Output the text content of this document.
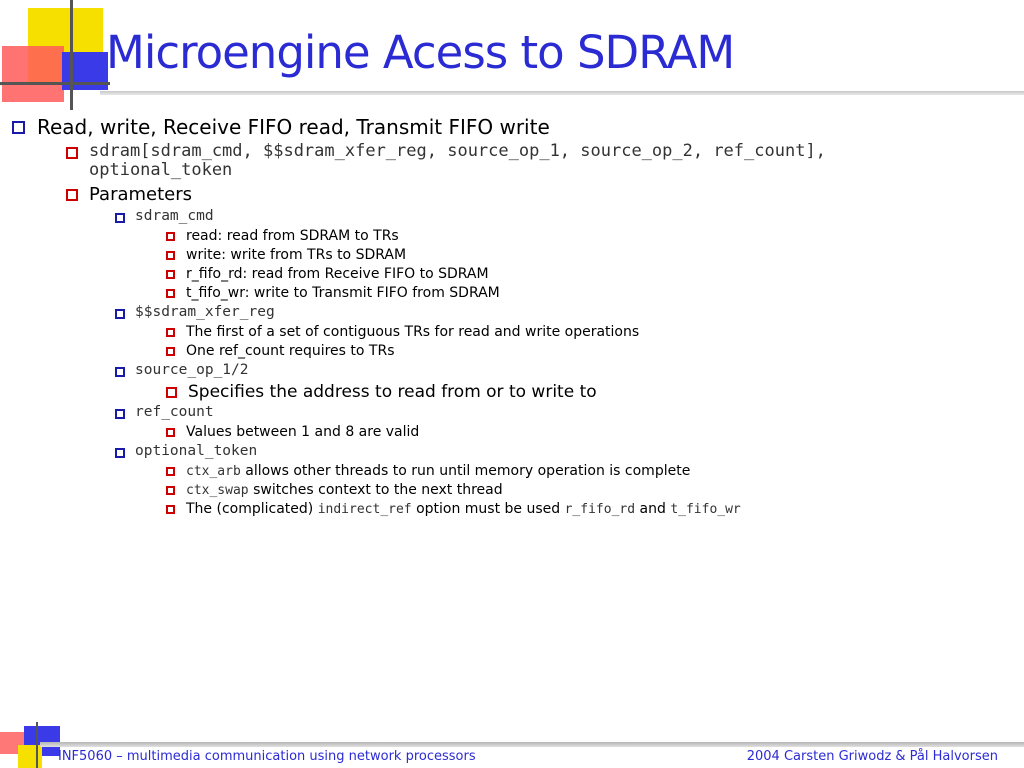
Microengine Acess to SDRAM
Read, write, Receive FIFO read, Transmit FIFO write
sdram[sdram_cmd, $$sdram_xfer_reg, source_op_1, source_op_2, ref_count], optional_token
Parameters
sdram_cmd
read: read from SDRAM to TRs
write: write from TRs to SDRAM
r_fifo_rd: read from Receive FIFO to SDRAM
t_fifo_wr: write to Transmit FIFO from SDRAM
$$sdram_xfer_reg
The first of a set of contiguous TRs for read and write operations
One ref_count requires to TRs
source_op_1/2
Specifies the address to read from or to write to
ref_count
Values between 1 and 8 are valid
optional_token
ctx_arb allows other threads to run until memory operation is complete
ctx_swap switches context to the next thread
The (complicated) indirect_ref option must be used r_fifo_rd and t_fifo_wr
INF5060 – multimedia communication using network processors	2004 Carsten Griwodz & Pål Halvorsen
